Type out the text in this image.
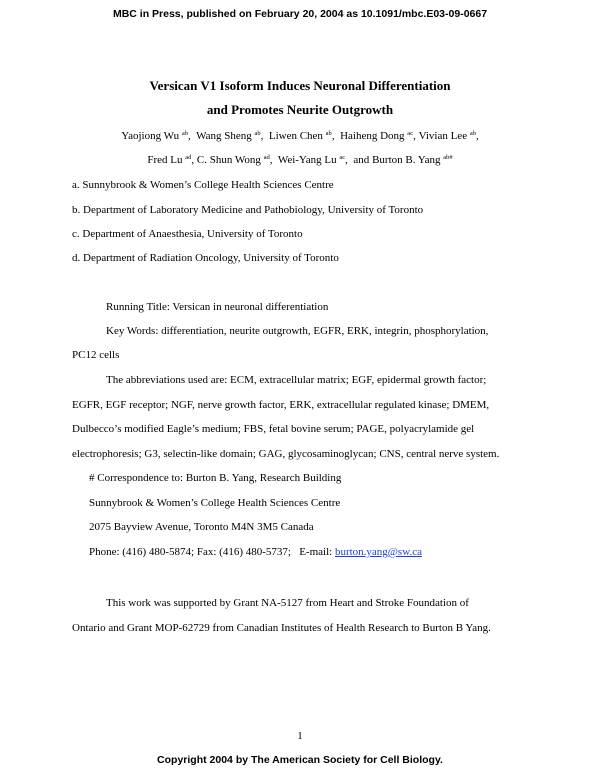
MBC in Press, published on February 20, 2004 as 10.1091/mbc.E03-09-0667
Versican V1 Isoform Induces Neuronal Differentiation
and Promotes Neurite Outgrowth
Yaojiong Wu $^{ab}$, Wang Sheng $^{ab}$, Liwen Chen $^{ab}$, Haiheng Dong $^{ac}$, Vivian Lee $^{ab}$,
Fred Lu $^{ad}$, C. Shun Wong $^{ad}$, Wei-Yang Lu $^{ac}$, and Burton B. Yang $^{ab\#}$
a. Sunnybrook & Women’s College Health Sciences Centre
b. Department of Laboratory Medicine and Pathobiology, University of Toronto
c. Department of Anaesthesia, University of Toronto
d. Department of Radiation Oncology, University of Toronto
Running Title: Versican in neuronal differentiation
Key Words: differentiation, neurite outgrowth, EGFR, ERK, integrin, phosphorylation,
PC12 cells
The abbreviations used are: ECM, extracellular matrix; EGF, epidermal growth factor;
EGFR, EGF receptor; NGF, nerve growth factor, ERK, extracellular regulated kinase; DMEM,
Dulbecco’s modified Eagle’s medium; FBS, fetal bovine serum; PAGE, polyacrylamide gel
electrophoresis; G3, selectin-like domain; GAG, glycosaminoglycan; CNS, central nerve system.
# Correspondence to: Burton B. Yang, Research Building
Sunnybrook & Women’s College Health Sciences Centre
2075 Bayview Avenue, Toronto M4N 3M5 Canada
Phone: (416) 480-5874; Fax: (416) 480-5737;   E-mail: burton.yang@sw.ca
This work was supported by Grant NA-5127 from Heart and Stroke Foundation of
Ontario and Grant MOP-62729 from Canadian Institutes of Health Research to Burton B Yang.
1
Copyright 2004 by The American Society for Cell Biology.
